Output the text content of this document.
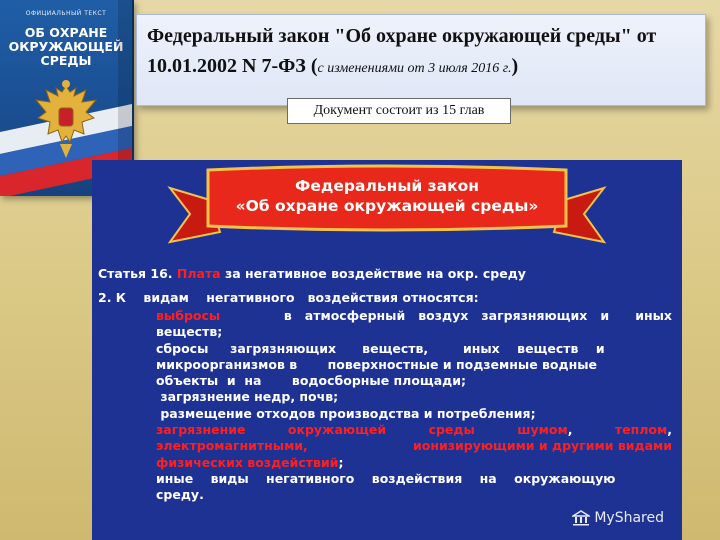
ОФИЦИАЛЬНЫЙ ТЕКСТ
ОБ ОХРАНЕ
ОКРУЖАЮЩЕЙ
СРЕДЫ
Федеральный закон "Об охране окружающей среды" от 10.01.2002 N 7-ФЗ (с изменениями от 3 июля 2016 г.)
Документ состоит из 15 глав
Федеральный закон
«Об охране окружающей среды»
Статья 16. Плата за негативное воздействие на окр. среду
2. К    видам    негативного   воздействия относятся:
выбросы	в   атмосферный   воздух   загрязняющих   и      иных
веществ;
сбросы     загрязняющих      веществ,        иных    веществ    и
микроорганизмов в       поверхностные и подземные водные
объекты  и  на       водосборные площади;
загрязнение недр, почв;
размещение отходов производства и потребления;
загрязнение	окружающей	среды	шумом,	теплом,
электромагнитными,	ионизирующими и другими видами
физических воздействий ;
иные    виды    негативного    воздействия    на    окружающую
среду.
MyShared
